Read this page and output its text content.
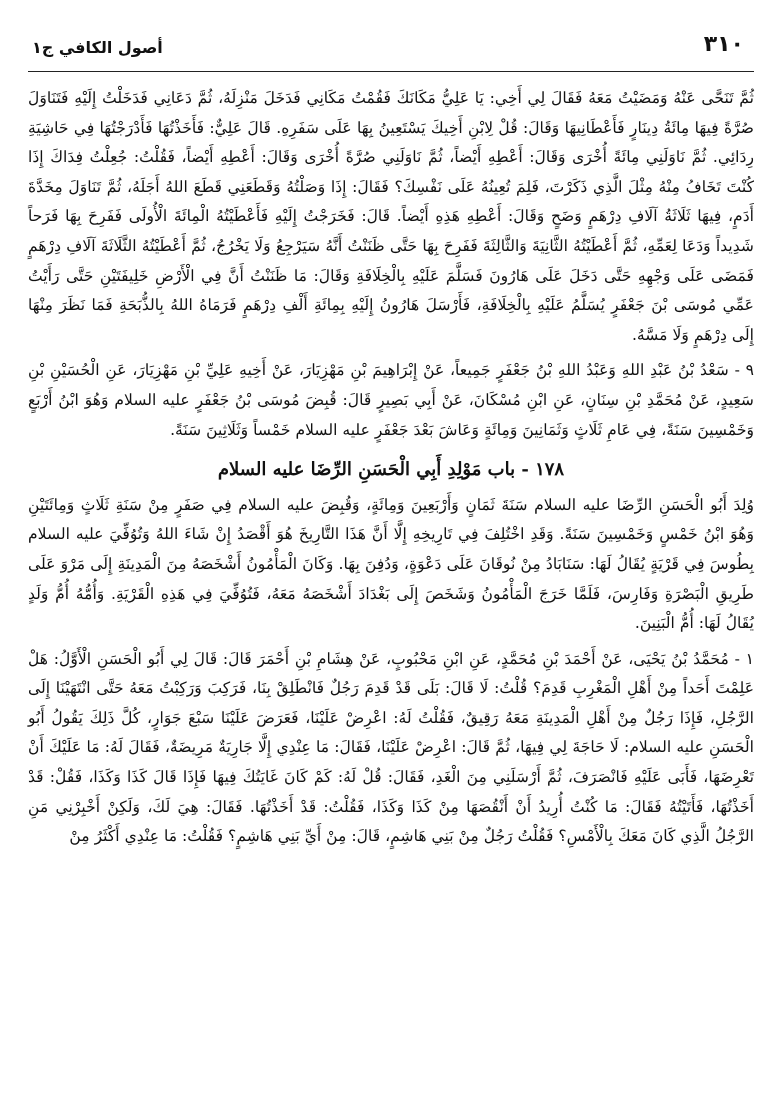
٣١٠
أصول الكافي ج١

ثُمَّ تَنَحَّى عَنْهُ وَمَضَيْتُ مَعَهُ فَقَالَ لِي أَخِي: يَا عَلِيُّ مَكَانَكَ فَقُمْتُ مَكَانِي فَدَخَلَ مَنْزِلَهُ، ثُمَّ دَعَانِي فَدَخَلْتُ إِلَيْهِ فَتَنَاوَلَ صُرَّةً فِيهَا مِائَةُ دِينَارٍ فَأَعْطَانِيهَا وَقَالَ: قُلْ لِابْنِ أَخِيكَ يَسْتَعِينُ بِهَا عَلَى سَفَرِهِ. قَالَ عَلِيٌّ: فَأَخَذْتُهَا فَأَدْرَجْتُهَا فِي حَاشِيَةِ رِدَائِي. ثُمَّ نَاوَلَنِي مِائَةً أُخْرَى وَقَالَ: أَعْطِهِ أَيْضاً، ثُمَّ نَاوَلَنِي صُرَّةً أُخْرَى وَقَالَ: أَعْطِهِ أَيْضاً، فَقُلْتُ: جُعِلْتُ فِدَاكَ إِذَا كُنْتَ تَخَافُ مِنْهُ مِثْلَ الَّذِي ذَكَرْتَ، فَلِمَ تُعِينُهُ عَلَى نَفْسِكَ؟ فَقَالَ: إِذَا وَصَلْتُهُ وَقَطَعَنِي قَطَعَ اللهُ أَجَلَهُ، ثُمَّ تَنَاوَلَ مِخَدَّةَ أَدَمٍ، فِيهَا ثَلَاثَةُ آلَافِ دِرْهَمٍ وَضَحٍ وَقَالَ: أَعْطِهِ هَذِهِ أَيْضاً. قَالَ: فَخَرَجْتُ إِلَيْهِ فَأَعْطَيْتُهُ الْمِائَةَ الْأُولَى فَفَرِحَ بِهَا فَرَحاً شَدِيداً وَدَعَا لِعَمِّهِ، ثُمَّ أَعْطَيْتُهُ الثَّانِيَةَ وَالثَّالِثَةَ فَفَرِحَ بِهَا حَتَّى ظَنَنْتُ أَنَّهُ سَيَرْجِعُ وَلَا يَخْرُجُ، ثُمَّ أَعْطَيْتُهُ الثَّلَاثَةَ آلَافِ دِرْهَمٍ فَمَضَى عَلَى وَجْهِهِ حَتَّى دَخَلَ عَلَى هَارُونَ فَسَلَّمَ عَلَيْهِ بِالْخِلَافَةِ وَقَالَ: مَا ظَنَنْتُ أَنَّ فِي الْأَرْضِ خَلِيفَتَيْنِ حَتَّى رَأَيْتُ عَمِّي مُوسَى بْنَ جَعْفَرٍ يُسَلَّمُ عَلَيْهِ بِالْخِلَافَةِ، فَأَرْسَلَ هَارُونُ إِلَيْهِ بِمِائَةِ أَلْفِ دِرْهَمٍ فَرَمَاهُ اللهُ بِالذُّبَحَةِ فَمَا نَظَرَ مِنْهَا إِلَى دِرْهَمٍ وَلَا مَسَّهُ.

٩ - سَعْدُ بْنُ عَبْدِ اللهِ وَعَبْدُ اللهِ بْنُ جَعْفَرٍ جَمِيعاً، عَنْ إِبْرَاهِيمَ بْنِ مَهْزِيَارَ، عَنْ أَخِيهِ عَلِيِّ بْنِ مَهْزِيَارَ، عَنِ الْحُسَيْنِ بْنِ سَعِيدٍ، عَنْ مُحَمَّدِ بْنِ سِنَانٍ، عَنِ ابْنِ مُسْكَانَ، عَنْ أَبِي بَصِيرٍ قَالَ: قُبِضَ مُوسَى بْنُ جَعْفَرٍ عليه السلام وَهُوَ ابْنُ أَرْبَعٍ وَخَمْسِينَ سَنَةً، فِي عَامِ ثَلَاثٍ وَثَمَانِينَ وَمِائَةٍ وَعَاشَ بَعْدَ جَعْفَرٍ عليه السلام خَمْساً وَثَلَاثِينَ سَنَةً.

١٧٨ - باب مَوْلِدِ أَبِي الْحَسَنِ الرِّضَا عليه السلام

وُلِدَ أَبُو الْحَسَنِ الرِّضَا عليه السلام سَنَةَ ثَمَانٍ وَأَرْبَعِينَ وَمِائَةٍ، وَقُبِضَ عليه السلام فِي صَفَرٍ مِنْ سَنَةِ ثَلَاثٍ وَمِائَتَيْنِ وَهُوَ ابْنُ خَمْسٍ وَخَمْسِينَ سَنَةً. وَقَدِ اخْتُلِفَ فِي تَارِيخِهِ إِلَّا أَنَّ هَذَا التَّارِيخَ هُوَ أَقْصَدُ إِنْ شَاءَ اللهُ وَتُوُفِّيَ عليه السلام بِطُوسَ فِي قَرْيَةٍ يُقَالُ لَهَا: سَنَابَادُ مِنْ نُوقَانَ عَلَى دَعْوَةٍ، وَدُفِنَ بِهَا. وَكَانَ الْمَأْمُونُ أَشْخَصَهُ مِنَ الْمَدِينَةِ إِلَى مَرْوَ عَلَى طَرِيقِ الْبَصْرَةِ وَفَارِسَ، فَلَمَّا خَرَجَ الْمَأْمُونُ وَشَخَصَ إِلَى بَغْدَادَ أَشْخَصَهُ مَعَهُ، فَتُوُفِّيَ فِي هَذِهِ الْقَرْيَةِ. وَأُمُّهُ أُمُّ وَلَدٍ يُقَالُ لَهَا: أُمُّ الْبَنِينَ.

١ - مُحَمَّدُ بْنُ يَحْيَى، عَنْ أَحْمَدَ بْنِ مُحَمَّدٍ، عَنِ ابْنِ مَحْبُوبٍ، عَنْ هِشَامِ بْنِ أَحْمَرَ قَالَ: قَالَ لِي أَبُو الْحَسَنِ الْأَوَّلُ: هَلْ عَلِمْتَ أَحَداً مِنْ أَهْلِ الْمَغْرِبِ قَدِمَ؟ قُلْتُ: لَا قَالَ: بَلَى قَدْ قَدِمَ رَجُلٌ فَانْطَلِقْ بِنَا، فَرَكِبَ وَرَكِبْتُ مَعَهُ حَتَّى انْتَهَيْنَا إِلَى الرَّجُلِ، فَإِذَا رَجُلٌ مِنْ أَهْلِ الْمَدِينَةِ مَعَهُ رَقِيقٌ، فَقُلْتُ لَهُ: اعْرِضْ عَلَيْنَا، فَعَرَضَ عَلَيْنَا سَبْعَ جَوَارٍ، كُلَّ ذَلِكَ يَقُولُ أَبُو الْحَسَنِ عليه السلام: لَا حَاجَةَ لِي فِيهَا، ثُمَّ قَالَ: اعْرِضْ عَلَيْنَا، فَقَالَ: مَا عِنْدِي إِلَّا جَارِيَةٌ مَرِيضَةٌ، فَقَالَ لَهُ: مَا عَلَيْكَ أَنْ تَعْرِضَهَا، فَأَبَى عَلَيْهِ فَانْصَرَفَ، ثُمَّ أَرْسَلَنِي مِنَ الْغَدِ، فَقَالَ: قُلْ لَهُ: كَمْ كَانَ غَايَتُكَ فِيهَا فَإِذَا قَالَ كَذَا وَكَذَا، فَقُلْ: قَدْ أَخَذْتُهَا، فَأَتَيْتُهُ فَقَالَ: مَا كُنْتُ أُرِيدُ أَنْ أَنْقُصَهَا مِنْ كَذَا وَكَذَا، فَقُلْتُ: قَدْ أَخَذْتُهَا. فَقَالَ: هِيَ لَكَ، وَلَكِنْ أَخْبِرْنِي مَنِ الرَّجُلُ الَّذِي كَانَ مَعَكَ بِالْأَمْسِ؟ فَقُلْتُ رَجُلٌ مِنْ بَنِي هَاشِمٍ، قَالَ: مِنْ أَيِّ بَنِي هَاشِمٍ؟ فَقُلْتُ: مَا عِنْدِي أَكْثَرُ مِنْ
